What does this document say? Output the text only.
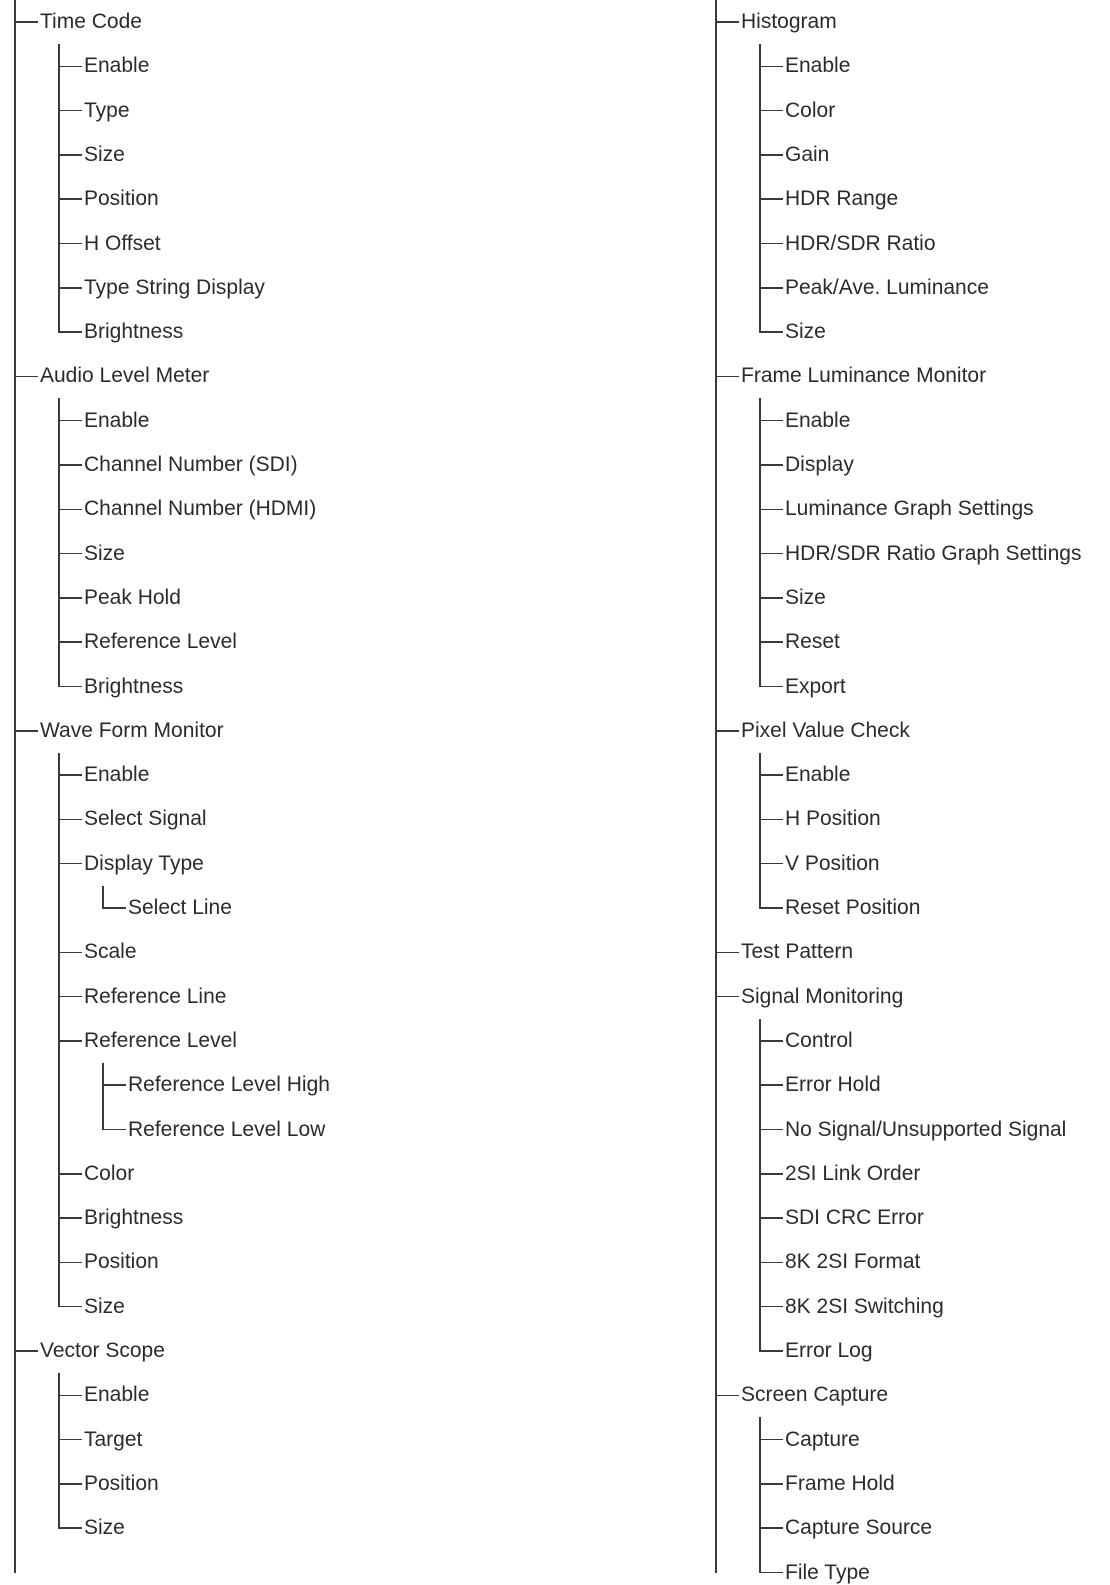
Time Code
Enable
Type
Size
Position
H Offset
Type String Display
Brightness
Audio Level Meter
Enable
Channel Number (SDI)
Channel Number (HDMI)
Size
Peak Hold
Reference Level
Brightness
Wave Form Monitor
Enable
Select Signal
Display Type
Select Line
Scale
Reference Line
Reference Level
Reference Level High
Reference Level Low
Color
Brightness
Position
Size
Vector Scope
Enable
Target
Position
Size
Histogram
Enable
Color
Gain
HDR Range
HDR/SDR Ratio
Peak/Ave. Luminance
Size
Frame Luminance Monitor
Enable
Display
Luminance Graph Settings
HDR/SDR Ratio Graph Settings
Size
Reset
Export
Pixel Value Check
Enable
H Position
V Position
Reset Position
Test Pattern
Signal Monitoring
Control
Error Hold
No Signal/Unsupported Signal
2SI Link Order
SDI CRC Error
8K 2SI Format
8K 2SI Switching
Error Log
Screen Capture
Capture
Frame Hold
Capture Source
File Type
